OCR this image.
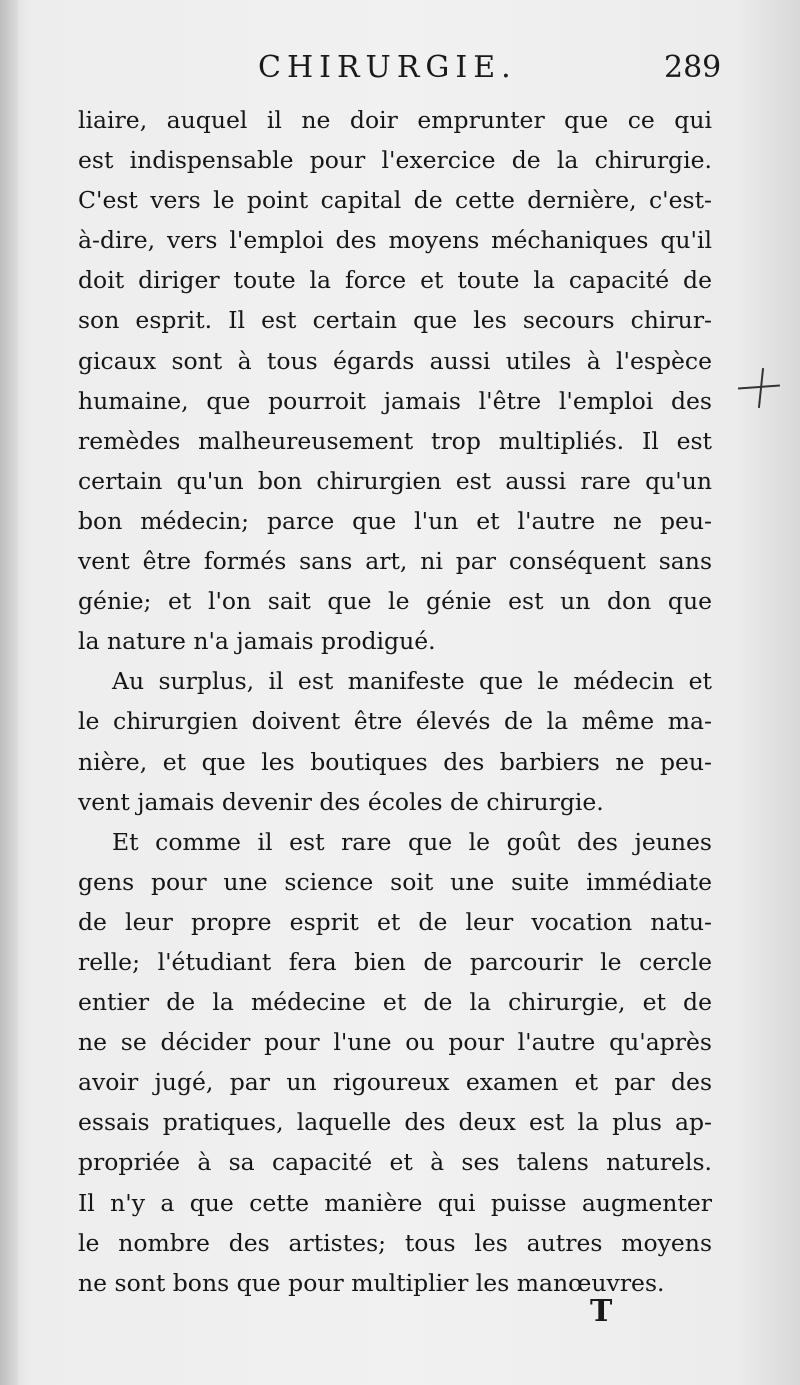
CHIRURGIE.	289
liaire, auquel il ne doir emprunter que ce qui
est indispensable pour l'exercice de la chirurgie.
C'est vers le point capital de cette dernière, c'est-
à-dire, vers l'emploi des moyens méchaniques qu'il
doit diriger toute la force et toute la capacité de
son esprit. Il est certain que les secours chirur-
gicaux sont à tous égards aussi utiles à l'espèce
humaine, que pourroit jamais l'être l'emploi des
remèdes malheureusement trop multipliés. Il est
certain qu'un bon chirurgien est aussi rare qu'un
bon médecin; parce que l'un et l'autre ne peu-
vent être formés sans art, ni par conséquent sans
génie; et l'on sait que le génie est un don que
la nature n'a jamais prodigué.
Au surplus, il est manifeste que le médecin et
le chirurgien doivent être élevés de la même ma-
nière, et que les boutiques des barbiers ne peu-
vent jamais devenir des écoles de chirurgie.
Et comme il est rare que le goût des jeunes
gens pour une science soit une suite immédiate
de leur propre esprit et de leur vocation natu-
relle; l'étudiant fera bien de parcourir le cercle
entier de la médecine et de la chirurgie, et de
ne se décider pour l'une ou pour l'autre qu'après
avoir jugé, par un rigoureux examen et par des
essais pratiques, laquelle des deux est la plus ap-
propriée à sa capacité et à ses talens naturels.
Il n'y a que cette manière qui puisse augmenter
le nombre des artistes; tous les autres moyens
ne sont bons que pour multiplier les manœuvres.
T
